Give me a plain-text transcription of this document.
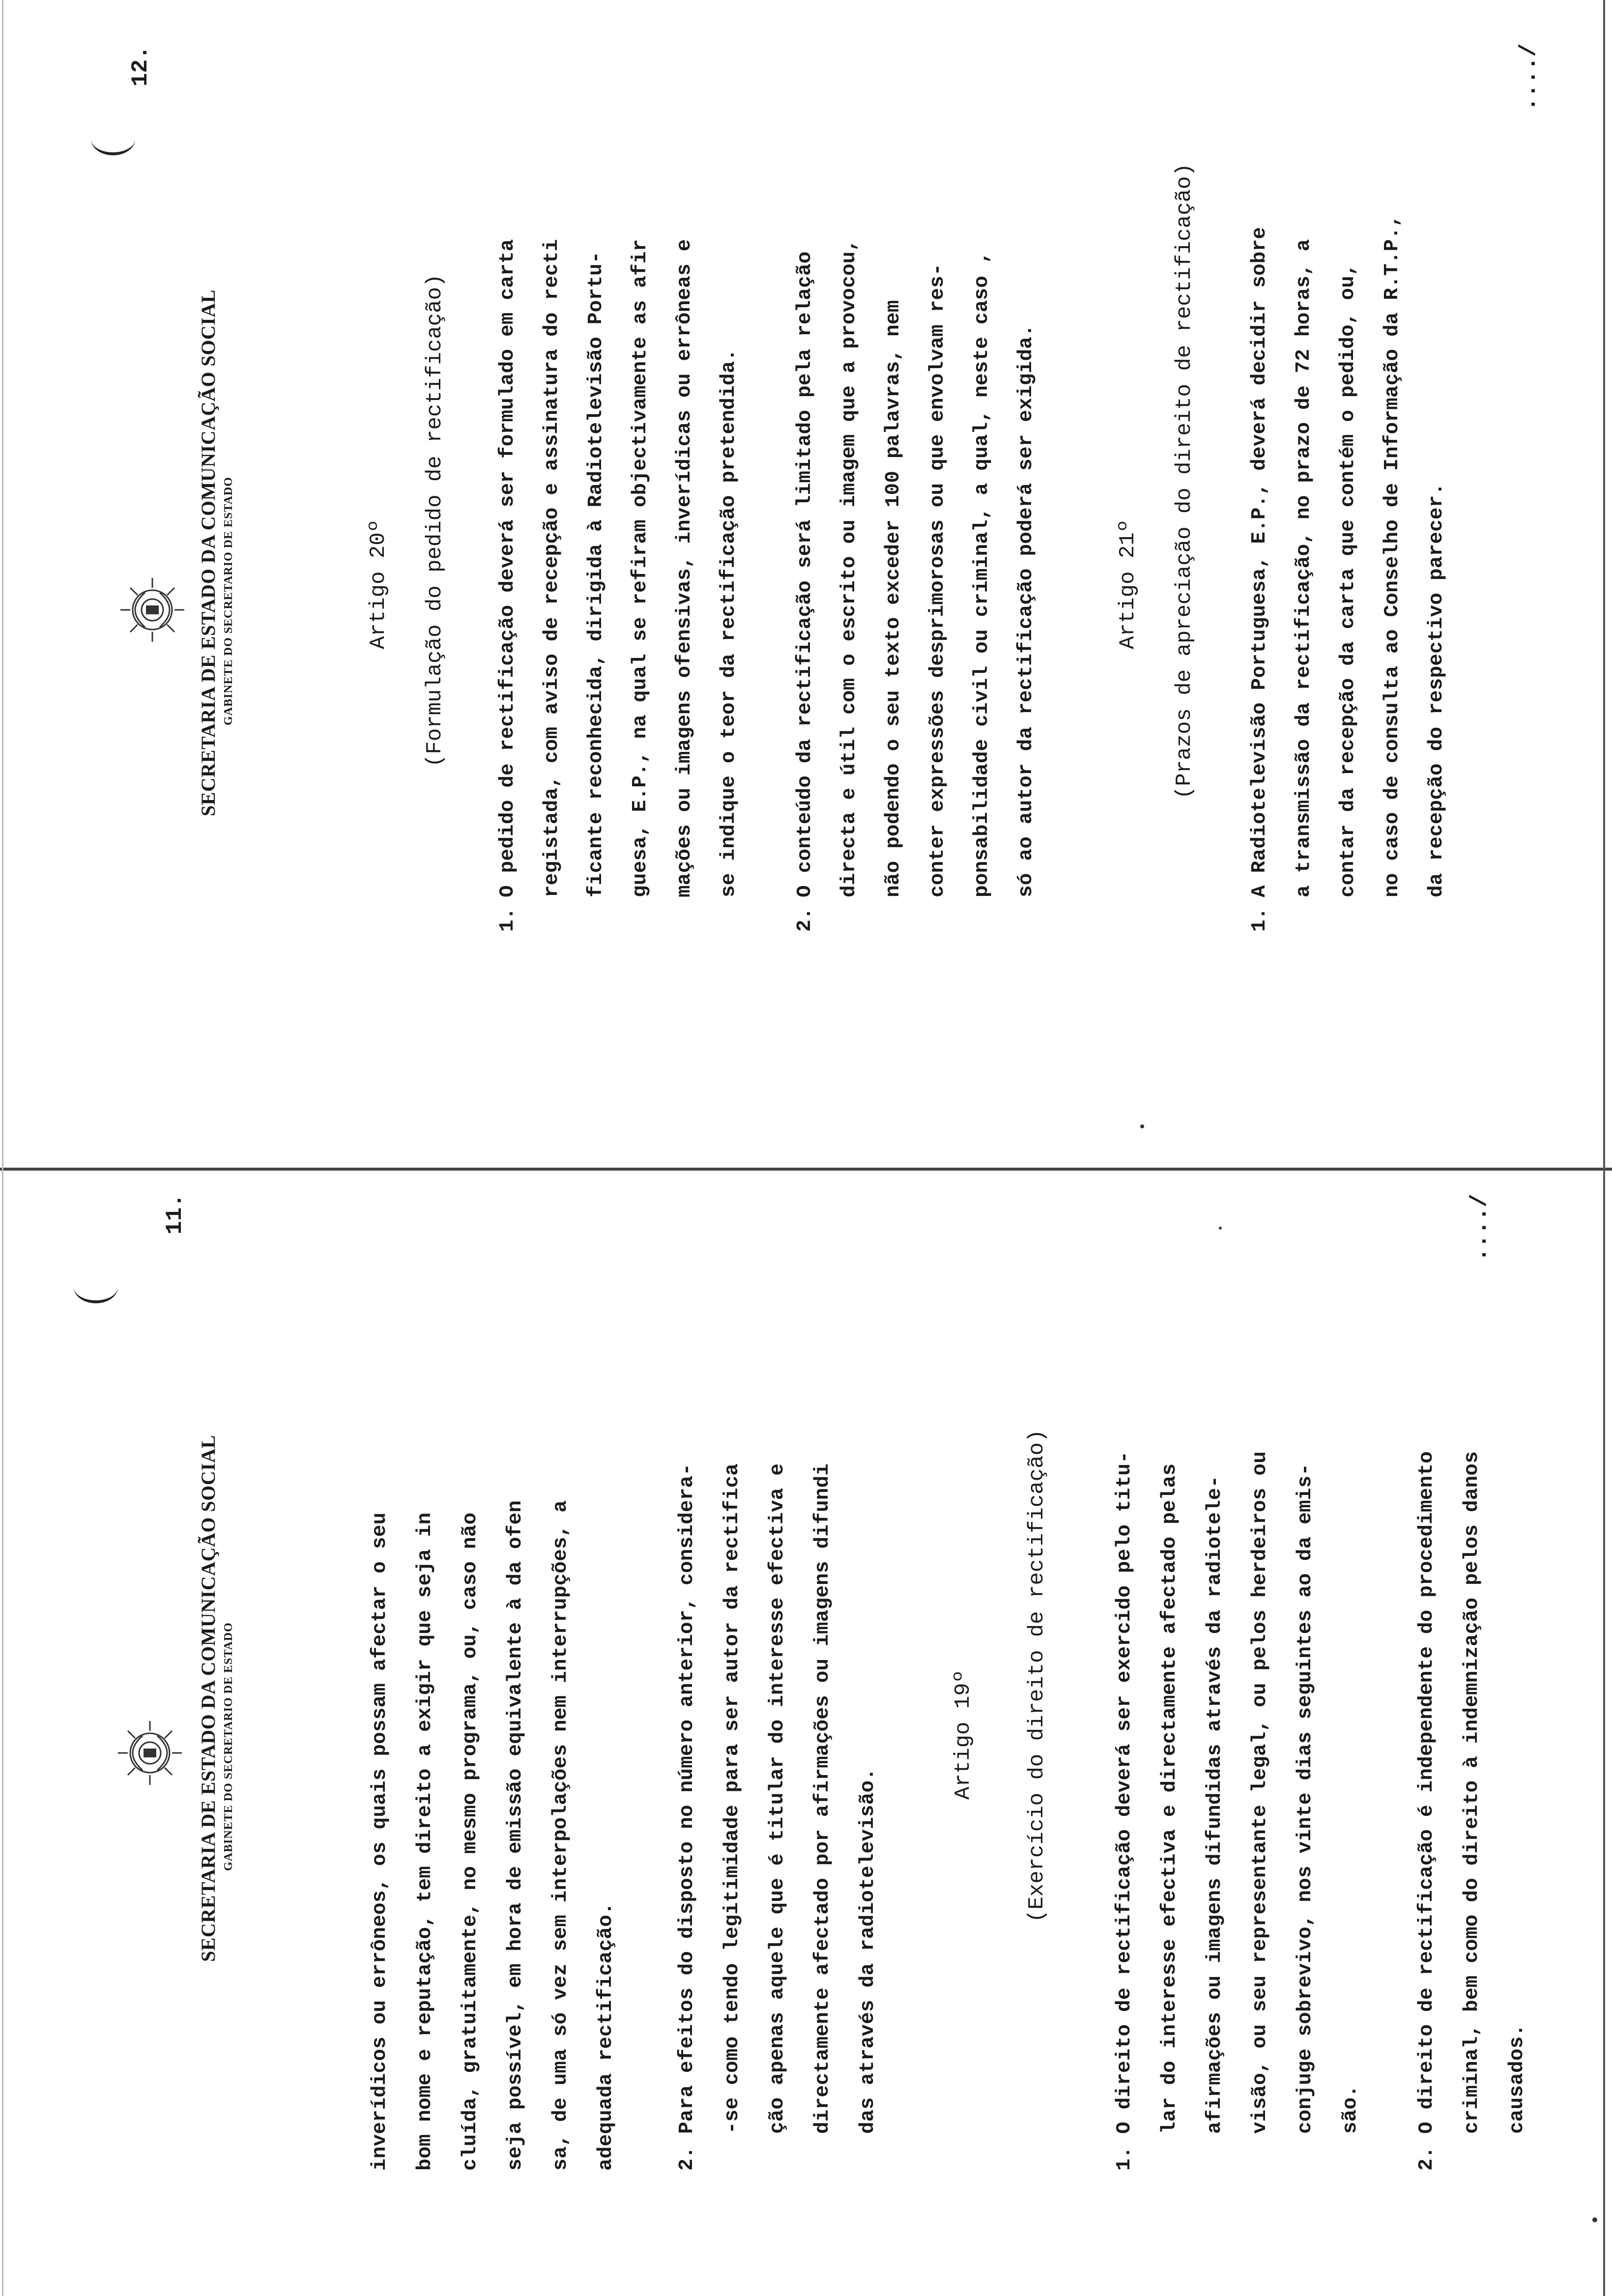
SECRETARIA DE ESTADO DA COMUNICAÇÃO SOCIAL GABINETE DO SECRETARIO DE ESTADO
11.
inverídicos ou errôneos, os quais possam afectar o seu bom nome e reputação, tem direito a exigir que seja in cluída, gratuitamente, no mesmo programa, ou, caso não seja possível, em hora de emissão equivalente à da ofen sa, de uma só vez sem interpolações nem interrupções, a adequada rectificação.	2.
Para efeitos do disposto no número anterior, considera- -se como tendo legitimidade para ser autor da rectifica ção apenas aquele que é titular do interesse efectiva e directamente afectado por afirmações ou imagens difundi das através da radiotelevisão.
Artigo 19º (Exercício do direito de rectificação)
1.
O direito de rectificação deverá ser exercido pelo titu- lar do interesse efectiva e directamente afectado pelas afirmações ou imagens difundidas através da radiotele- visão, ou seu representante legal, ou pelos herdeiros ou conjuge sobrevivo, nos vinte dias seguintes ao da emis- são.
2.
O direito de rectificação é independente do procedimento criminal, bem como do direito à indemnização pelos danos causados.
..../
SECRETARIA DE ESTADO DA COMUNICAÇÃO SOCIAL GABINETE DO SECRETARIO DE ESTADO
12.
Artigo 20º (Formulação do pedido de rectificação)
1.
O pedido de rectificação deverá ser formulado em carta registada, com aviso de recepção e assinatura do recti ficante reconhecida, dirigida à Radiotelevisão Portu- guesa, E.P., na qual se refiram objectivamente as afir mações ou imagens ofensivas, inverídicas ou errôneas e se indique o teor da rectificação pretendida.
2.
O conteúdo da rectificação será limitado pela relação directa e útil com o escrito ou imagem que a provocou, não podendo o seu texto exceder 100 palavras, nem conter expressões desprimorosas ou que envolvam res- ponsabilidade civil ou criminal, a qual, neste caso , só ao autor da rectificação poderá ser exigida.	Artigo 21º (Prazos de apreciação do direito de rectificação)
1.
A Radiotelevisão Portuguesa, E.P., deverá decidir sobre a transmissão da rectificação, no prazo de 72 horas, a contar da recepção da carta que contém o pedido, ou, no caso de consulta ao Conselho de Informação da R.T.P., da recepção do respectivo parecer.
..../
